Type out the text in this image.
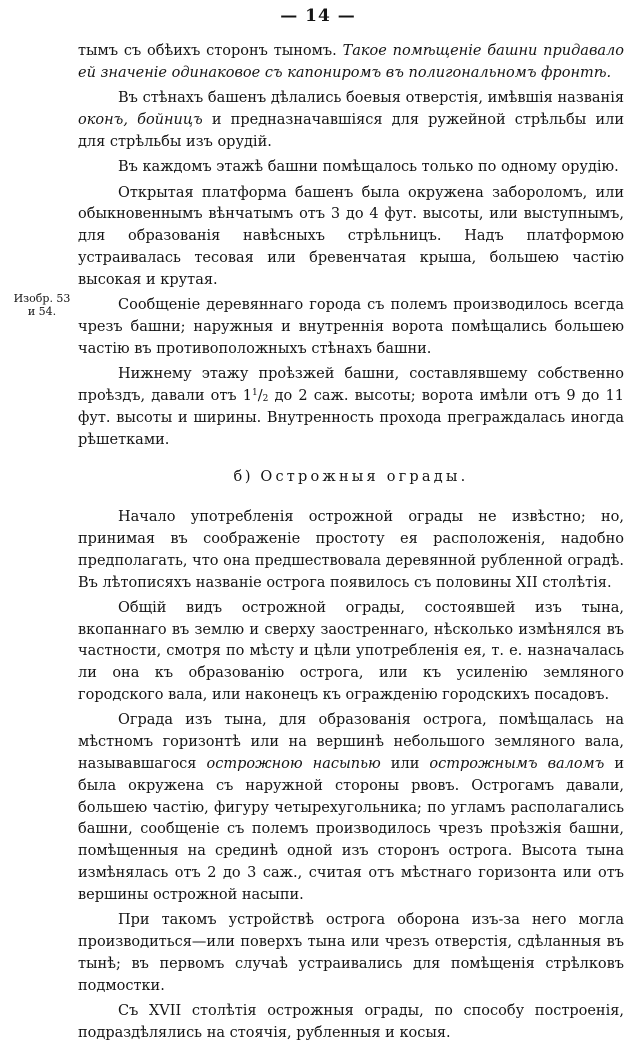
— 14 —
Изобр. 53
и 54.

тымъ съ обѣихъ сторонъ тыномъ. Такое помѣщеніе башни придавало ей значеніе одинаковое съ капониромъ въ полигональномъ фронтѣ.

Въ стѣнахъ башенъ дѣлались боевыя отверстія, имѣвшія названія оконъ, бойницъ и предназначавшіяся для ружейной стрѣльбы или для стрѣльбы изъ орудій.

Въ каждомъ этажѣ башни помѣщалось только по одному орудію.

Открытая платформа башенъ была окружена заборoломъ, или обыкновеннымъ вѣнчатымъ отъ 3 до 4 фут. высоты, или выступнымъ, для образованія навѣсныхъ стрѣльницъ. Надъ платформою устраивалась тесовая или бревенчатая крыша, большею частію высокая и крутая.

Сообщеніе деревяннаго города съ полемъ производилось всегда чрезъ башни; наружныя и внутреннія ворота помѣщались большею частію въ противоположныхъ стѣнахъ башни.

Нижнему этажу проѣзжей башни, составлявшему собственно проѣздъ, давали отъ $1^1/_2$ до 2 саж. высоты; ворота имѣли отъ 9 до 11 фут. высоты и ширины. Внутренность прохода преграждалась иногда рѣшетками.

б) Острожныя ограды.

Начало употребленія острожной ограды не извѣстно; но, принимая въ соображеніе простоту ея расположенія, надобно предполагать, что она предшествовала деревянной рубленной оградѣ. Въ лѣтописяхъ названіе острога появилось съ половины XII столѣтія.

Общій видъ острожной ограды, состоявшей изъ тына, вкопаннаго въ землю и сверху заостреннаго, нѣсколько измѣнялся въ частности, смотря по мѣсту и цѣли употребленія ея, т. е. назначалась ли она къ образованію острога, или къ усиленію земляного городского вала, или наконецъ къ огражденію городскихъ посадовъ.

Ограда изъ тына, для образованія острога, помѣщалась на мѣстномъ горизонтѣ или на вершинѣ небольшого земляного вала, называвшагося острожною насыпью или острожнымъ валомъ и была окружена съ наружной стороны рвовъ. Острогамъ давали, большею частію, фигуру четырехугольника; по угламъ располагались башни, сообщеніе съ полемъ производилось чрезъ проѣзжія башни, помѣщенныя на срединѣ одной изъ сторонъ острога. Высота тына измѣнялась отъ 2 до 3 саж., считая отъ мѣстнаго горизонта или отъ вершины острожной насыпи.

При такомъ устройствѣ острога оборона изъ-за него могла производиться—или поверхъ тына или чрезъ отверстія, сдѣланныя въ тынѣ; въ первомъ случаѣ устраивались для помѣщенія стрѣлковъ подмостки.

Съ XVII столѣтія острожныя ограды, по способу построенія, подраздѣлялись на стоячія, рубленныя и косыя.
